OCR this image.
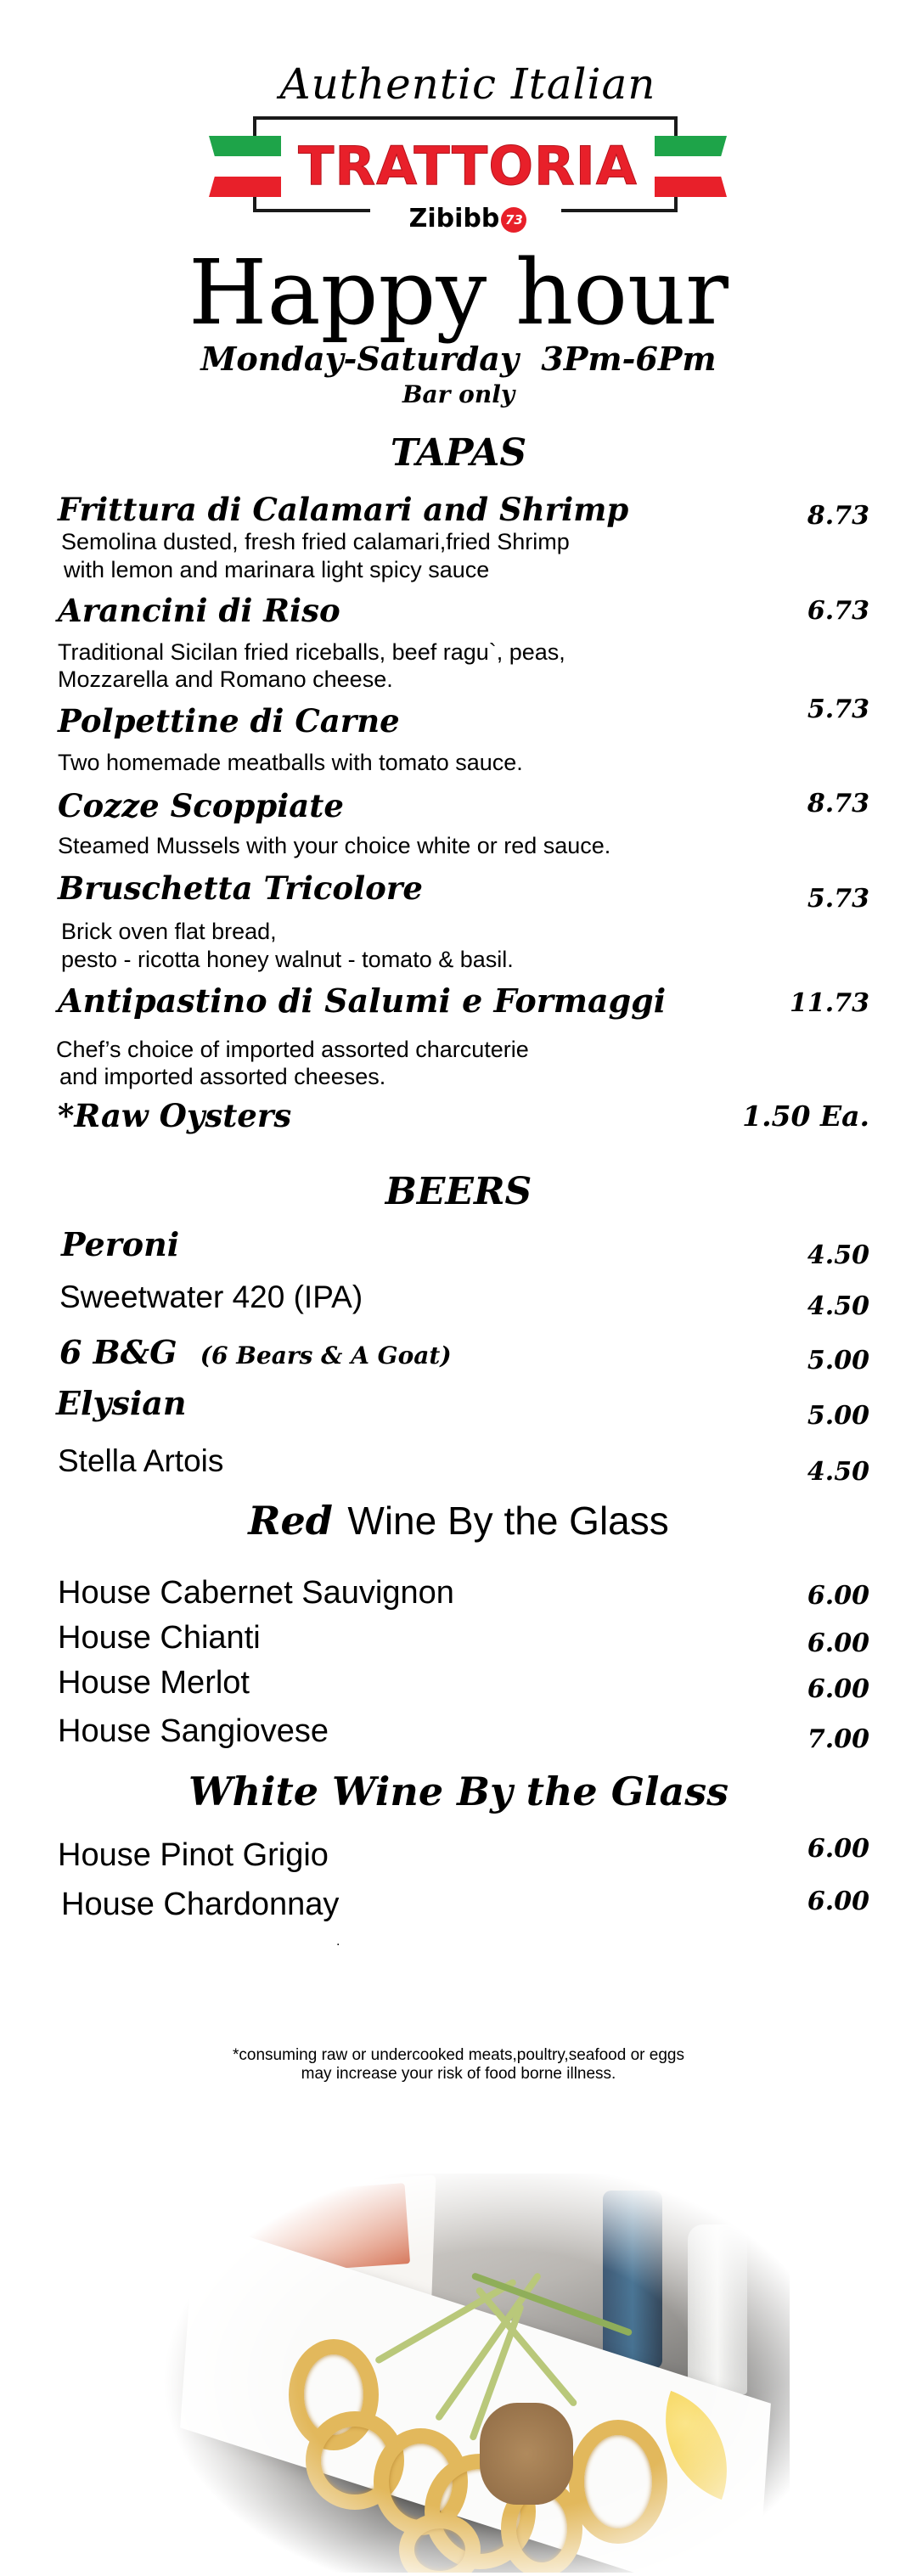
Authentic Italian
TRATTORIA
Zibibb 73
Happy hour
Monday-Saturday  3Pm-6Pm
Bar only
TAPAS
Frittura di Calamari and Shrimp	8.73
Semolina dusted, fresh fried calamari,fried Shrimp
with lemon and marinara light spicy sauce
Arancini di Riso	6.73
Traditional Sicilan fried riceballs, beef ragu`, peas,
Mozzarella and Romano cheese.
Polpettine di Carne	5.73
Two homemade meatballs with tomato sauce.
Cozze Scoppiate	8.73
Steamed Mussels with your choice white or red sauce.
Bruschetta Tricolore	5.73
Brick oven flat bread,
pesto - ricotta honey walnut - tomato & basil.
Antipastino di Salumi e Formaggi	11.73
Chef’s choice of imported assorted charcuterie
and imported assorted cheeses.
*Raw Oysters	1.50 Ea.
BEERS
Peroni	4.50
Sweetwater 420 (IPA)	4.50
6 B&G (6 Bears & A Goat)	5.00
Elysian	5.00
Stella Artois	4.50
Red Wine By the Glass
House Cabernet Sauvignon	6.00
House Chianti	6.00
House Merlot	6.00
House Sangiovese	7.00
White Wine By the Glass
House Pinot Grigio	6.00
House Chardonnay	6.00
.
*consuming raw or undercooked meats,poultry,seafood or eggs
may increase your risk of food borne illness.
